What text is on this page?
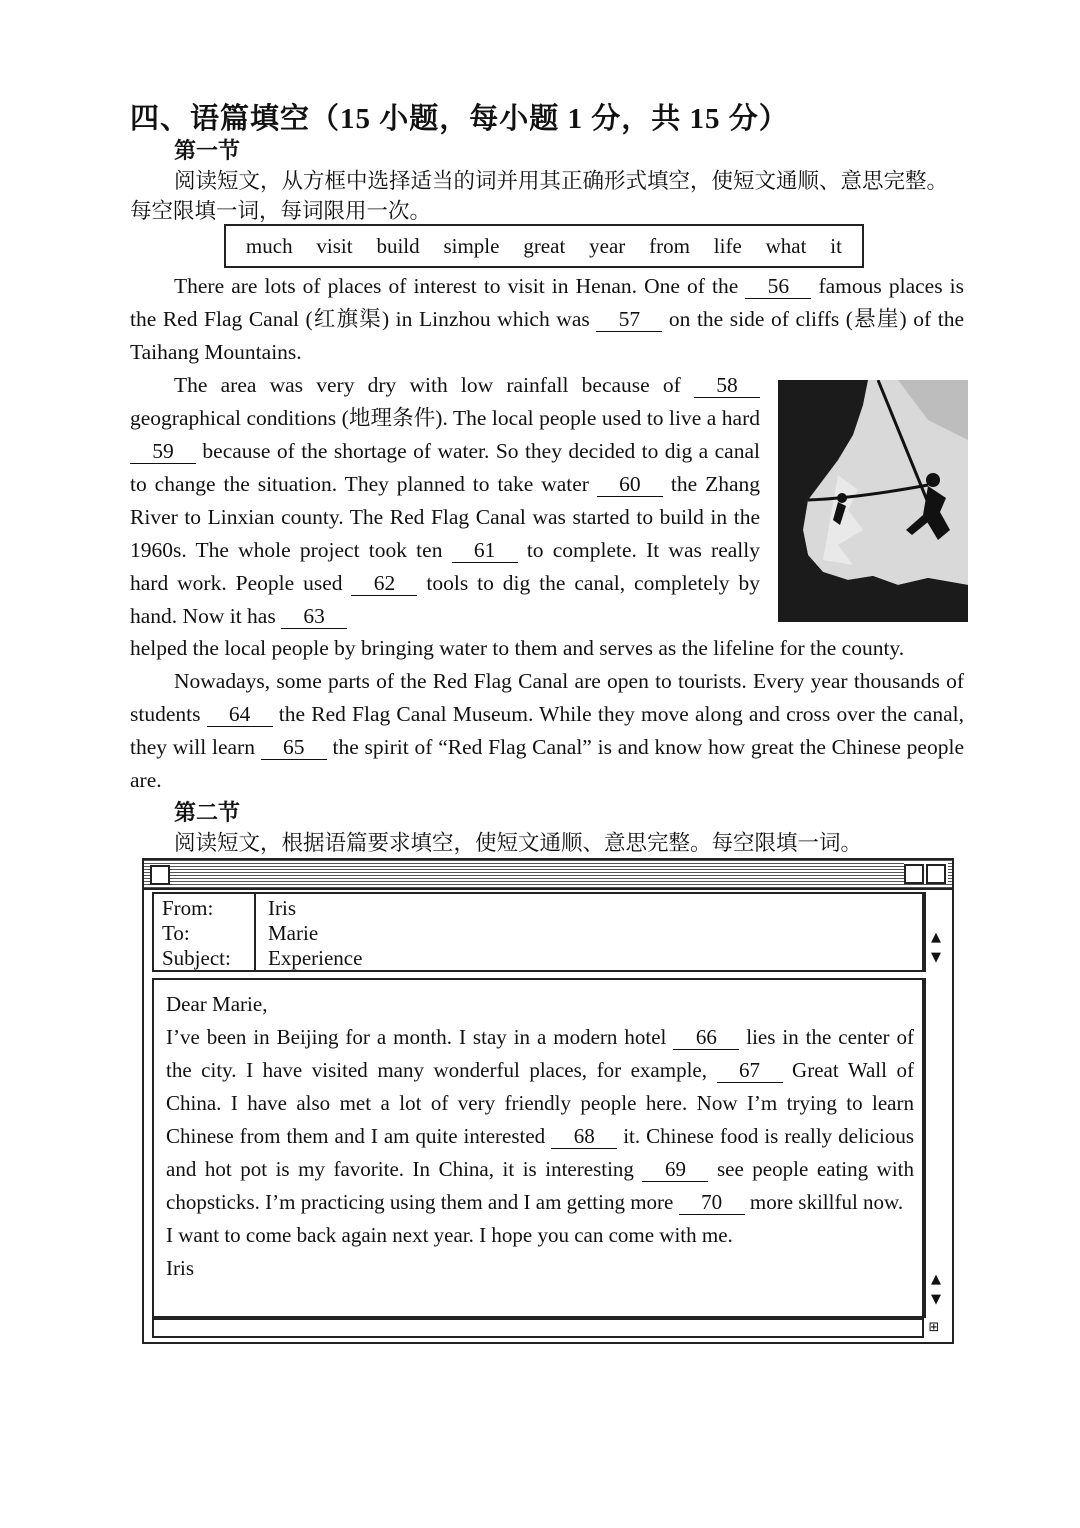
四、语篇填空（15 小题，每小题 1 分，共 15 分）
第一节
阅读短文，从方框中选择适当的词并用其正确形式填空，使短文通顺、意思完整。
每空限填一词，每词限用一次。
much visit build simple great year from life what it

There are lots of places of interest to visit in Henan. One of the 56 famous places is the Red Flag Canal (红旗渠) in Linzhou which was 57 on the side of cliffs (悬崖) of the Taihang Mountains.

The area was very dry with low rainfall because of 58 geographical conditions (地理条件). The local people used to live a hard 59 because of the shortage of water. So they decided to dig a canal to change the situation. They planned to take water 60 the Zhang River to Linxian county. The Red Flag Canal was started to build in the 1960s. The whole project took ten 61 to complete. It was really hard work. People used 62 tools to dig the canal, completely by hand. Now it has 63

helped the local people by bringing water to them and serves as the lifeline for the county.

Nowadays, some parts of the Red Flag Canal are open to tourists. Every year thousands of students 64 the Red Flag Canal Museum. While they move along and cross over the canal, they will learn 65 the spirit of “Red Flag Canal” is and know how great the Chinese people are.

第二节
阅读短文，根据语篇要求填空，使短文通顺、意思完整。每空限填一词。
From:	Iris
To:	Marie
Subject: Experience
▲
▼

Dear Marie,

I’ve been in Beijing for a month. I stay in a modern hotel 66 lies in the center of the city. I have visited many wonderful places, for example, 67 Great Wall of China. I have also met a lot of very friendly people here. Now I’m trying to learn Chinese from them and I am quite interested 68 it. Chinese food is really delicious and hot pot is my favorite. In China, it is interesting 69 see people eating with chopsticks. I’m practicing using them and I am getting more 70 more skillful now.

I want to come back again next year. I hope you can come with me.

Iris	▲
▼
⊞
